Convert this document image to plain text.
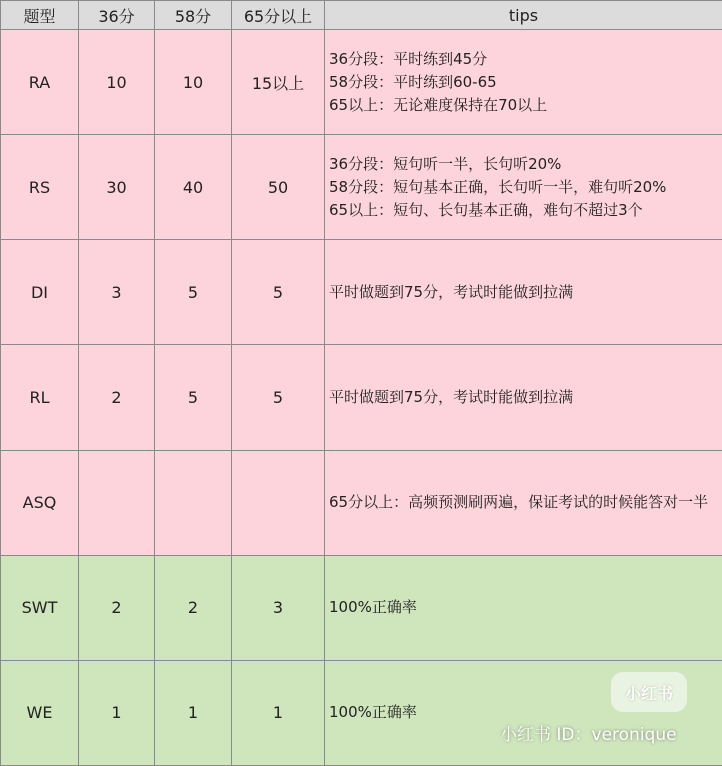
题型	36分	58分	65分以上	tips
RA	10	10	15以上	36分段：平时练到45分
58分段：平时练到60-65
65以上：无论难度保持在70以上

RS	30	40	50	36分段：短句听一半，长句听20%
58分段：短句基本正确，长句听一半，难句听20%
65以上：短句、长句基本正确，难句不超过3个

DI	3	5	5	平时做题到75分，考试时能做到拉满

RL	2	5	5	平时做题到75分，考试时能做到拉满

ASQ				65分以上：高频预测刷两遍，保证考试的时候能答对一半

SWT	2	2	3	100%正确率

WE	1	1	1	100%正确率
小红书
小红书 ID：veronique
